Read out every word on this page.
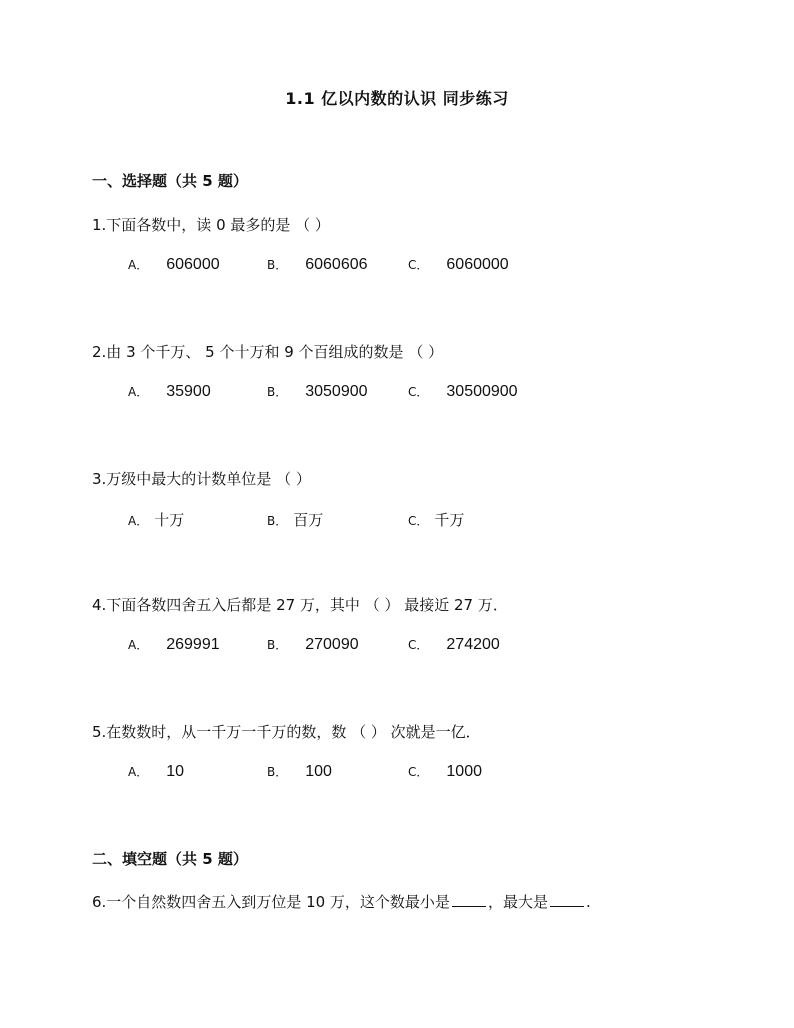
1.1 亿以内数的认识 同步练习
一、选择题（共 5 题）
1.下面各数中，读 0 最多的是 （ ）
A． 606000	B． 6060606	C． 6060000
2.由 3 个千万、 5 个十万和 9 个百组成的数是 （ ）
A． 35900	B． 3050900	C． 30500900
3.万级中最大的计数单位是 （ ）
A． 十万	B． 百万	C． 千万
4.下面各数四舍五入后都是 27 万，其中 （ ） 最接近 27 万．
A． 269991	B． 270090	C． 274200
5.在数数时，从一千万一千万的数，数 （ ） 次就是一亿．
A． 10	B． 100	C． 1000
二、填空题（共 5 题）
6.一个自然数四舍五入到万位是 10 万，这个数最小是	，最大是	.
